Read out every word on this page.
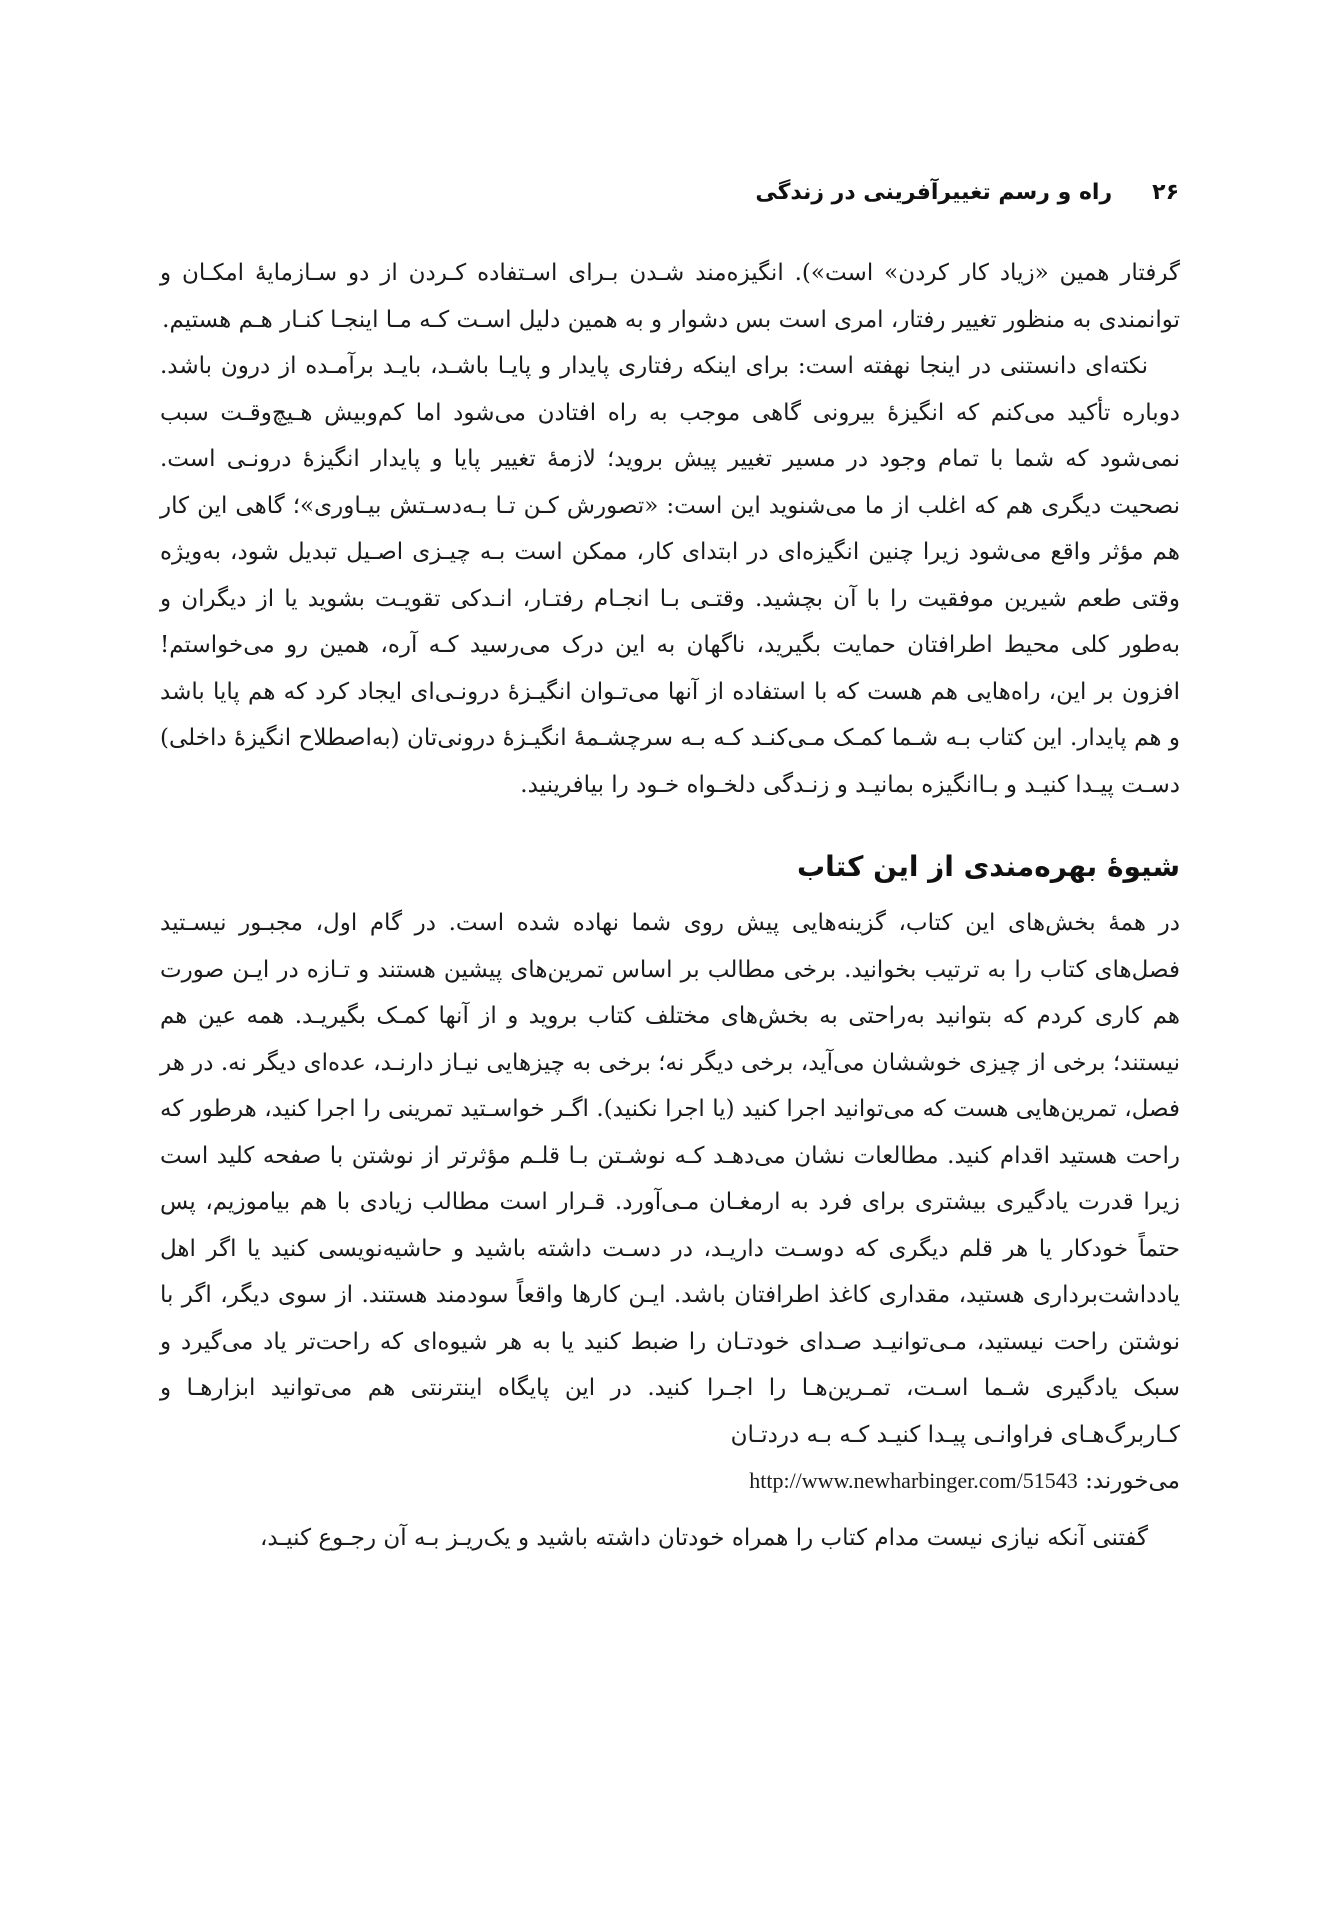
۲۶
راه و رسم تغییرآفرینی در زندگی

گرفتار همین «زیاد کار کردن» است»). انگیزه‌مند شـدن بـرای اسـتفاده کـردن از دو سـازمایهٔ امکـان و توانمندی به منظور تغییر رفتار، امری است بس دشوار و به همین دلیل اسـت کـه مـا اینجـا کنـار هـم هستیم.

نکته‌ای دانستنی در اینجا نهفته است: برای اینکه رفتاری پایدار و پایـا باشـد، بایـد برآمـده از درون باشد. دوباره تأکید می‌کنم که انگیزهٔ بیرونی گاهی موجب به راه افتادن می‌شود اما کم‌وبیش هـیچ‌وقـت سبب نمی‌شود که شما با تمام وجود در مسیر تغییر پیش بروید؛ لازمهٔ تغییر پایا و پایدار انگیزهٔ درونـی است. نصحیت دیگری هم که اغلب از ما می‌شنوید این است: «تصورش کـن تـا بـه‌دسـتش بیـاوری»؛ گاهی این کار هم مؤثر واقع می‌شود زیرا چنین انگیزه‌ای در ابتدای کار، ممکن است بـه چیـزی اصـیل تبدیل شود، به‌ویژه وقتی طعم شیرین موفقیت را با آن بچشید. وقتـی بـا انجـام رفتـار، انـدکی تقویـت بشوید یا از دیگران و به‌طور کلی محیط اطرافتان حمایت بگیرید، ناگهان به این درک می‌رسید کـه آره، همین رو می‌خواستم! افزون بر این، راه‌هایی هم هست که با استفاده از آنها می‌تـوان انگیـزهٔ درونـی‌ای ایجاد کرد که هم پایا باشد و هم پایدار. این کتاب بـه شـما کمـک مـی‌کنـد کـه بـه سرچشـمهٔ انگیـزهٔ درونی‌تان (به‌اصطلاح انگیزهٔ داخلی) دسـت پیـدا کنیـد و بـاانگیزه بمانیـد و زنـدگی دلخـواه خـود را بیافرینید.

شیوهٔ بهره‌مندی از این کتاب

در همهٔ بخش‌های این کتاب، گزینه‌هایی پیش روی شما نهاده شده است. در گام اول، مجبـور نیسـتید فصل‌های کتاب را به ترتیب بخوانید. برخی مطالب بر اساس تمرین‌های پیشین هستند و تـازه در ایـن صورت هم کاری کردم که بتوانید به‌راحتی به بخش‌های مختلف کتاب بروید و از آنها کمـک بگیریـد. همه عین هم نیستند؛ برخی از چیزی خوششان می‌آید، برخی دیگر نه؛ برخی به چیزهایی نیـاز دارنـد، عده‌ای دیگر نه. در هر فصل، تمرین‌هایی هست که می‌توانید اجرا کنید (یا اجرا نکنید). اگـر خواسـتید تمرینی را اجرا کنید، هرطور که راحت هستید اقدام کنید. مطالعات نشان می‌دهـد کـه نوشـتن بـا قلـم مؤثرتر از نوشتن با صفحه کلید است زیرا قدرت یادگیری بیشتری برای فرد به ارمغـان مـی‌آورد. قـرار است مطالب زیادی با هم بیاموزیم، پس حتماً خودکار یا هر قلم دیگری که دوسـت داریـد، در دسـت داشته باشید و حاشیه‌نویسی کنید یا اگر اهل یادداشت‌برداری هستید، مقداری کاغذ اطرافتان باشد. ایـن کارها واقعاً سودمند هستند. از سوی دیگر، اگر با نوشتن راحت نیستید، مـی‌توانیـد صـدای خودتـان را ضبط کنید یا به هر شیوه‌ای که راحت‌تر یاد می‌گیرد و سبک یادگیری شـما اسـت، تمـرین‌هـا را اجـرا کنید. در این پایگاه اینترنتی هم می‌توانید ابزارهـا و کـاربرگ‌هـای فراوانـی پیـدا کنیـد کـه بـه دردتـان

می‌خورند: http://www.newharbinger.com/51543

گفتنی آنکه نیازی نیست مدام کتاب را همراه خودتان داشته باشید و یک‌ریـز بـه آن رجـوع کنیـد،
